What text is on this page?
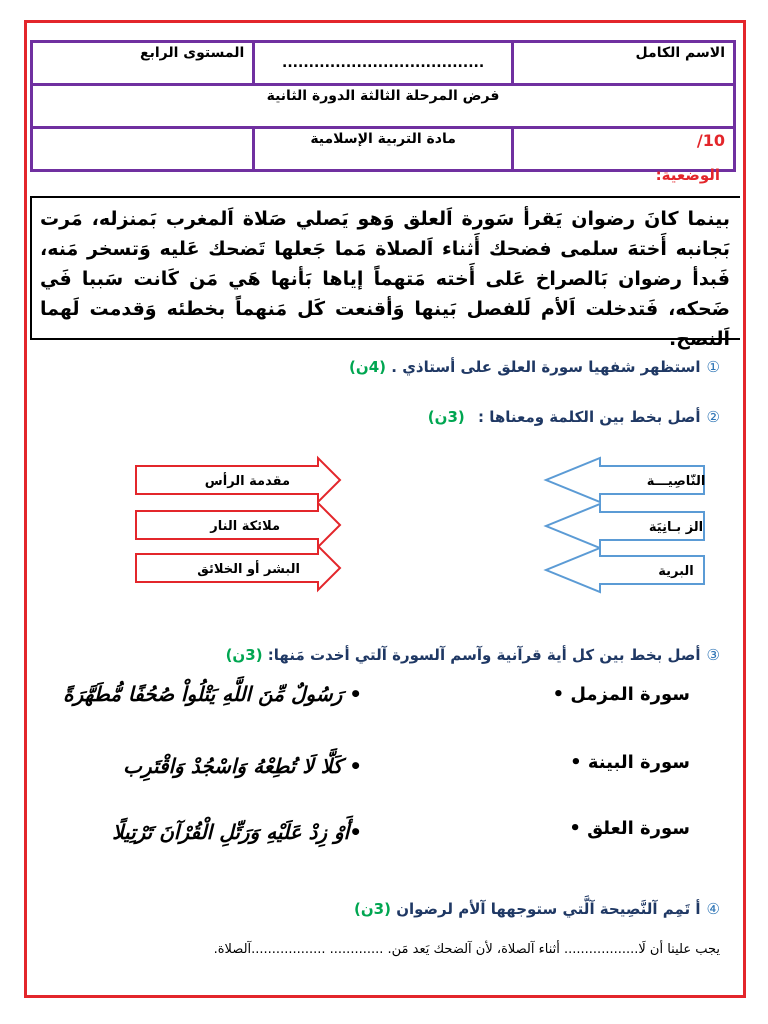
الاسم الكامل	......................................	المستوى الرابع
فرض المرحلة الثالثة الدورة الثانية		
10/	مادة التربية الإسلامية	
الوضعية:
بينما كانَ رضوان يَقرأ سَورة اَلعلق وَهو يَصلي صَلاة اَلمغرب بَمنزله، مَرت بَجانبه أَختهَ سلمى فضحك أَثناء اَلصلاة مَما جَعلها تَضحك عَليه وَتسخر مَنه، فَبدأ رضوان بَالصراخ عَلى أَخته مَتهماً إياها بَأنها هَي مَن كَانت سَببا فَي ضَحكه، فَتدخلت اَلأم لَلفصل بَينها وَأقنعت كَل مَنهماً بخطئه وَقدمت لَهما اَلنصح.
①استظهر شفهيا سورة العلق على أستاذي . (4ن)
②أصل بخط بين الكلمة ومعناها : (3ن)
النّاصِيـــة
الز بـانِيَة
البرية
مقدمة الرأس
ملائكة النار
البشر أو الخلائق
③أصل بخط بين كل أية قرآنية وآسم آلسورة آلتي أخدت مَنها: (3ن)
سورة المزمل •
سورة البينة •
سورة العلق •
• رَسُولٌ مِّنَ اللَّهِ يَتْلُواْ صُحُفًا مُّطَهَّرَةً
• كَلَّا لَا تُطِعْهُ وَاسْجُدْ وَاقْتَرِب
•أَوْ زِدْ عَلَيْهِ وَرَتِّلِ الْقُرْآنَ تَرْتِيلًا
④أ تَمِم آلنَّصِيحة آلَّتي ستوجهها آلأم لرضوان (3ن)
يجب علينا أن لَا.................. أثناء آلصلاة، لأن آلضحك يَعد مَن. ............. ..................آلصلاة.
